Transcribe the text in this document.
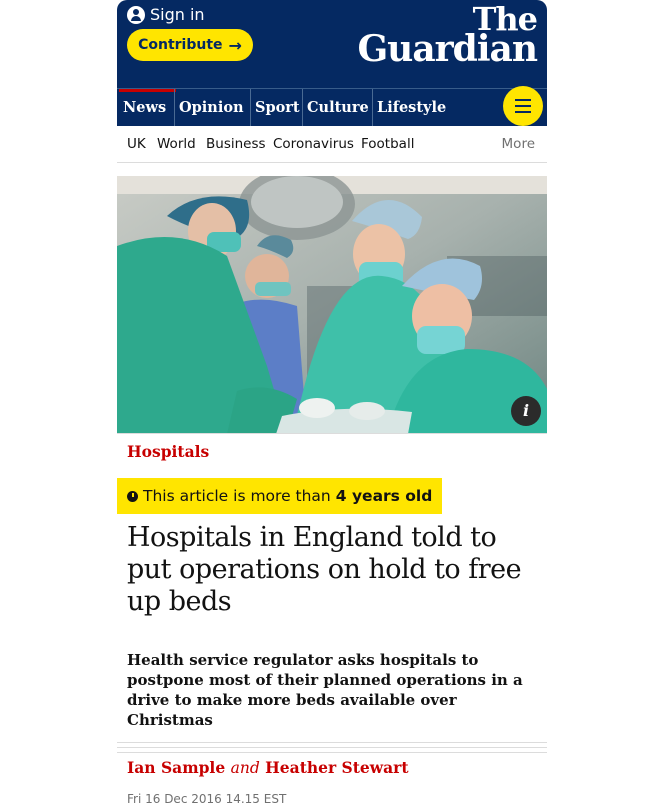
Sign in
Contribute →
The
Guardian
News Opinion Sport Culture Lifestyle
UK World Business Coronavirus Football	More
i
Hospitals
This article is more than 4 years old
Hospitals in England told to
put operations on hold to free
up beds
Health service regulator asks hospitals to
postpone most of their planned operations in a
drive to make more beds available over
Christmas
Ian Sample and Heather Stewart
Fri 16 Dec 2016 14.15 EST
